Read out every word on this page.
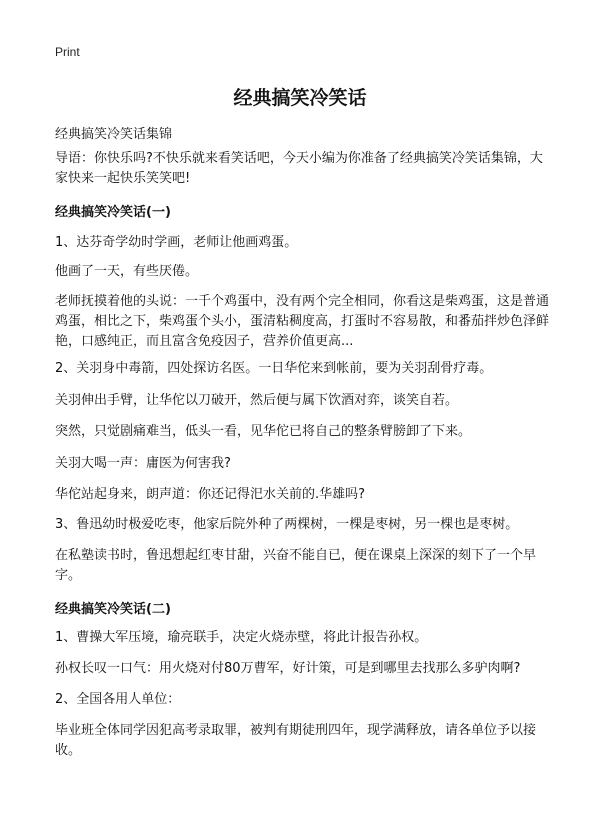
Print
经典搞笑冷笑话

经典搞笑冷笑话集锦

导语：你快乐吗?不快乐就来看笑话吧，今天小编为你准备了经典搞笑冷笑话集锦，大家快来一起快乐笑笑吧!

经典搞笑冷笑话(一)

1、达芬奇学幼时学画，老师让他画鸡蛋。

他画了一天，有些厌倦。

老师抚摸着他的头说：一千个鸡蛋中，没有两个完全相同，你看这是柴鸡蛋，这是普通鸡蛋，相比之下，柴鸡蛋个头小，蛋清粘稠度高，打蛋时不容易散，和番茄拌炒色泽鲜艳，口感纯正，而且富含免疫因子，营养价值更高...

2、关羽身中毒箭，四处探访名医。一日华佗来到帐前，要为关羽刮骨疗毒。

关羽伸出手臂，让华佗以刀破开，然后便与属下饮酒对弈，谈笑自若。

突然，只觉剧痛难当，低头一看，见华佗已将自己的整条臂膀卸了下来。

关羽大喝一声：庸医为何害我?

华佗站起身来，朗声道：你还记得汜水关前的.华雄吗?

3、鲁迅幼时极爱吃枣，他家后院外种了两棵树，一棵是枣树，另一棵也是枣树。

在私塾读书时，鲁迅想起红枣甘甜，兴奋不能自已，便在课桌上深深的刻下了一个早字。

经典搞笑冷笑话(二)

1、曹操大军压境，瑜亮联手，决定火烧赤壁，将此计报告孙权。

孙权长叹一口气：用火烧对付80万曹军，好计策，可是到哪里去找那么多驴肉啊?

2、全国各用人单位：

毕业班全体同学因犯高考录取罪，被判有期徒刑四年，现学满释放，请各单位予以接收。
